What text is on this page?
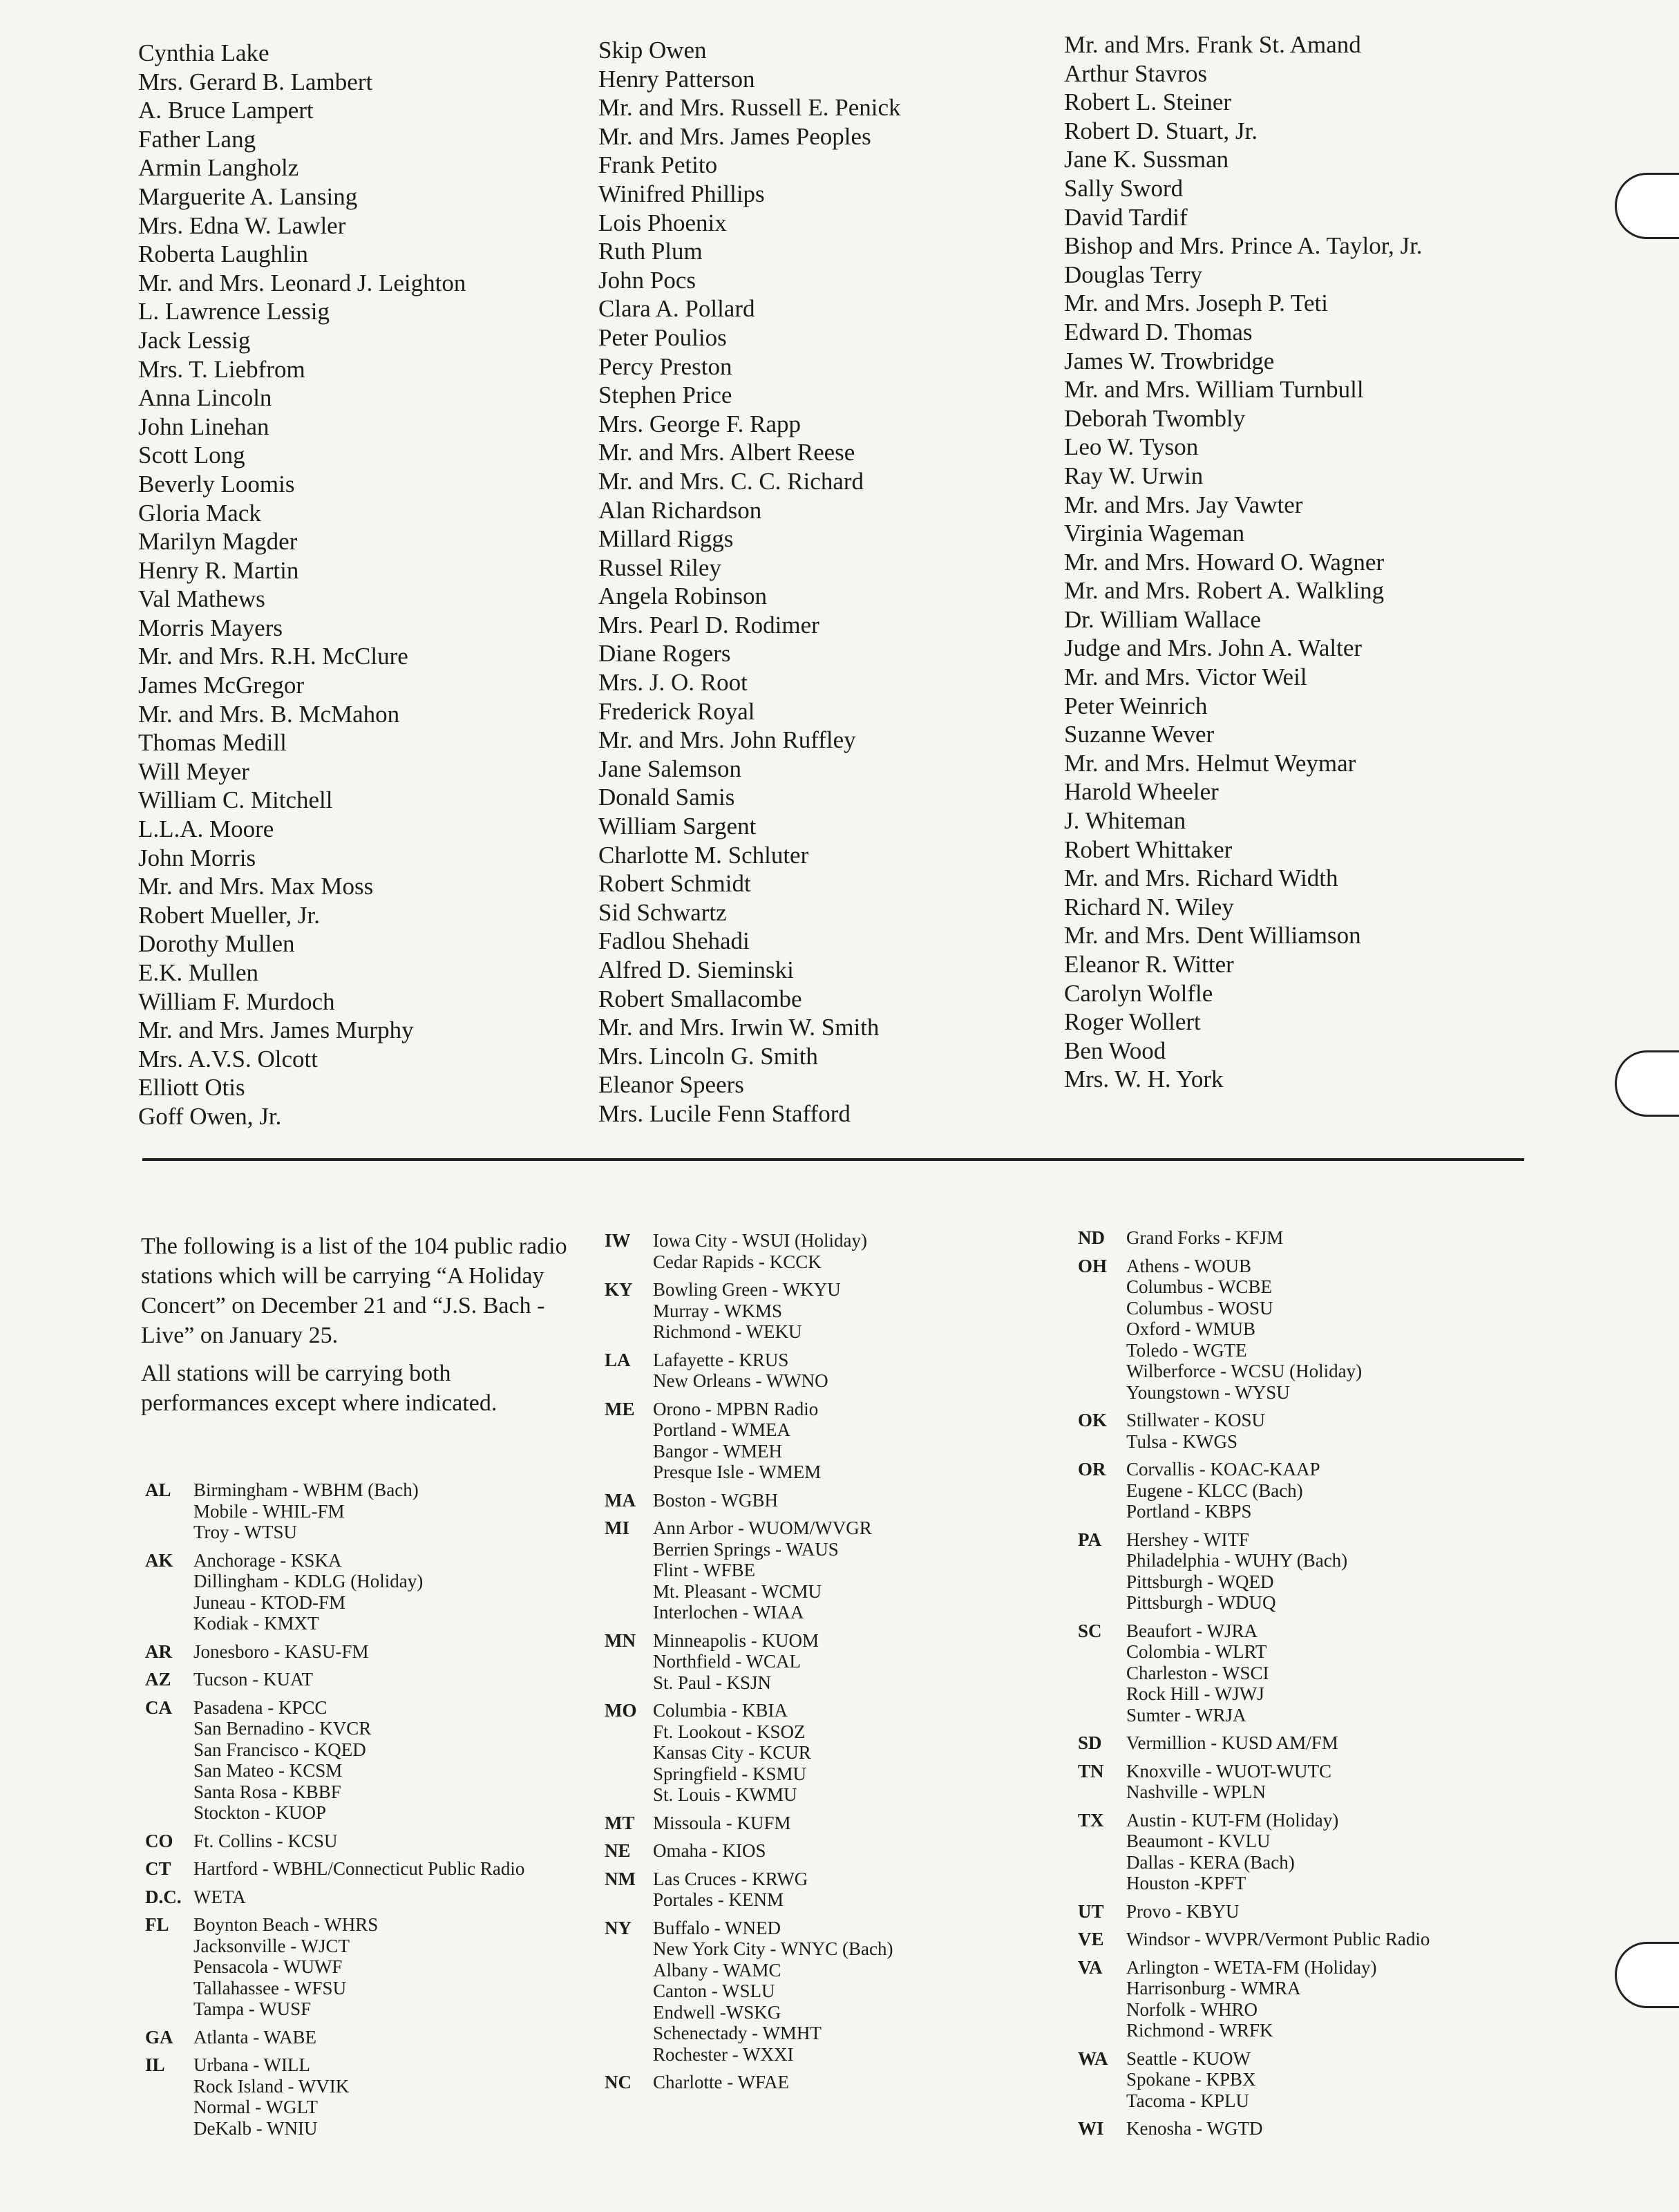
Cynthia Lake
Mrs. Gerard B. Lambert
A. Bruce Lampert
Father Lang
Armin Langholz
Marguerite A. Lansing
Mrs. Edna W. Lawler
Roberta Laughlin
Mr. and Mrs. Leonard J. Leighton
L. Lawrence Lessig
Jack Lessig
Mrs. T. Liebfrom
Anna Lincoln
John Linehan
Scott Long
Beverly Loomis
Gloria Mack
Marilyn Magder
Henry R. Martin
Val Mathews
Morris Mayers
Mr. and Mrs. R.H. McClure
James McGregor
Mr. and Mrs. B. McMahon
Thomas Medill
Will Meyer
William C. Mitchell
L.L.A. Moore
John Morris
Mr. and Mrs. Max Moss
Robert Mueller, Jr.
Dorothy Mullen
E.K. Mullen
William F. Murdoch
Mr. and Mrs. James Murphy
Mrs. A.V.S. Olcott
Elliott Otis
Goff Owen, Jr.
Skip Owen
Henry Patterson
Mr. and Mrs. Russell E. Penick
Mr. and Mrs. James Peoples
Frank Petito
Winifred Phillips
Lois Phoenix
Ruth Plum
John Pocs
Clara A. Pollard
Peter Poulios
Percy Preston
Stephen Price
Mrs. George F. Rapp
Mr. and Mrs. Albert Reese
Mr. and Mrs. C. C. Richard
Alan Richardson
Millard Riggs
Russel Riley
Angela Robinson
Mrs. Pearl D. Rodimer
Diane Rogers
Mrs. J. O. Root
Frederick Royal
Mr. and Mrs. John Ruffley
Jane Salemson
Donald Samis
William Sargent
Charlotte M. Schluter
Robert Schmidt
Sid Schwartz
Fadlou Shehadi
Alfred D. Sieminski
Robert Smallacombe
Mr. and Mrs. Irwin W. Smith
Mrs. Lincoln G. Smith
Eleanor Speers
Mrs. Lucile Fenn Stafford
Mr. and Mrs. Frank St. Amand
Arthur Stavros
Robert L. Steiner
Robert D. Stuart, Jr.
Jane K. Sussman
Sally Sword
David Tardif
Bishop and Mrs. Prince A. Taylor, Jr.
Douglas Terry
Mr. and Mrs. Joseph P. Teti
Edward D. Thomas
James W. Trowbridge
Mr. and Mrs. William Turnbull
Deborah Twombly
Leo W. Tyson
Ray W. Urwin
Mr. and Mrs. Jay Vawter
Virginia Wageman
Mr. and Mrs. Howard O. Wagner
Mr. and Mrs. Robert A. Walkling
Dr. William Wallace
Judge and Mrs. John A. Walter
Mr. and Mrs. Victor Weil
Peter Weinrich
Suzanne Wever
Mr. and Mrs. Helmut Weymar
Harold Wheeler
J. Whiteman
Robert Whittaker
Mr. and Mrs. Richard Width
Richard N. Wiley
Mr. and Mrs. Dent Williamson
Eleanor R. Witter
Carolyn Wolfle
Roger Wollert
Ben Wood
Mrs. W. H. York

The following is a list of the 104 public radio stations which will be carrying “A Holiday Concert” on December 21 and “J.S. Bach - Live” on January 25.

All stations will be carrying both performances except where indicated.

AL	Birmingham - WBHM (Bach)
Mobile - WHIL-FM
Troy - WTSU
AK	Anchorage - KSKA
Dillingham - KDLG (Holiday)
Juneau - KTOD-FM
Kodiak - KMXT
AR	Jonesboro - KASU-FM
AZ	Tucson - KUAT
CA	Pasadena - KPCC
San Bernadino - KVCR
San Francisco - KQED
San Mateo - KCSM
Santa Rosa - KBBF
Stockton - KUOP
CO	Ft. Collins - KCSU
CT	Hartford - WBHL/Connecticut Public Radio
D.C. WETA
FL	Boynton Beach - WHRS
Jacksonville - WJCT
Pensacola - WUWF
Tallahassee - WFSU
Tampa - WUSF
GA	Atlanta - WABE
IL	Urbana - WILL
Rock Island - WVIK
Normal - WGLT
DeKalb - WNIU
IW	Iowa City - WSUI (Holiday)
Cedar Rapids - KCCK
KY	Bowling Green - WKYU
Murray - WKMS
Richmond - WEKU
LA	Lafayette - KRUS
New Orleans - WWNO
ME Orono - MPBN Radio
Portland - WMEA
Bangor - WMEH
Presque Isle - WMEM
MA Boston - WGBH
MI	Ann Arbor - WUOM/WVGR
Berrien Springs - WAUS
Flint - WFBE
Mt. Pleasant - WCMU
Interlochen - WIAA
MN Minneapolis - KUOM
Northfield - WCAL
St. Paul - KSJN
MO Columbia - KBIA
Ft. Lookout - KSOZ
Kansas City - KCUR
Springfield - KSMU
St. Louis - KWMU
MT Missoula - KUFM
NE	Omaha - KIOS
NM Las Cruces - KRWG
Portales - KENM
NY	Buffalo - WNED
New York City - WNYC (Bach)
Albany - WAMC
Canton - WSLU
Endwell -WSKG
Schenectady - WMHT
Rochester - WXXI
NC	Charlotte - WFAE
ND	Grand Forks - KFJM
OH	Athens - WOUB
Columbus - WCBE
Columbus - WOSU
Oxford - WMUB
Toledo - WGTE
Wilberforce - WCSU (Holiday)
Youngstown - WYSU
OK	Stillwater - KOSU
Tulsa - KWGS
OR	Corvallis - KOAC-KAAP
Eugene - KLCC (Bach)
Portland - KBPS
PA	Hershey - WITF
Philadelphia - WUHY (Bach)
Pittsburgh - WQED
Pittsburgh - WDUQ
SC	Beaufort - WJRA
Colombia - WLRT
Charleston - WSCI
Rock Hill - WJWJ
Sumter - WRJA
SD	Vermillion - KUSD AM/FM
TN	Knoxville - WUOT-WUTC
Nashville - WPLN
TX	Austin - KUT-FM (Holiday)
Beaumont - KVLU
Dallas - KERA (Bach)
Houston -KPFT
UT	Provo - KBYU
VE	Windsor - WVPR/Vermont Public Radio
VA	Arlington - WETA-FM (Holiday)
Harrisonburg - WMRA
Norfolk - WHRO
Richmond - WRFK
WA Seattle - KUOW
Spokane - KPBX
Tacoma - KPLU
WI	Kenosha - WGTD
